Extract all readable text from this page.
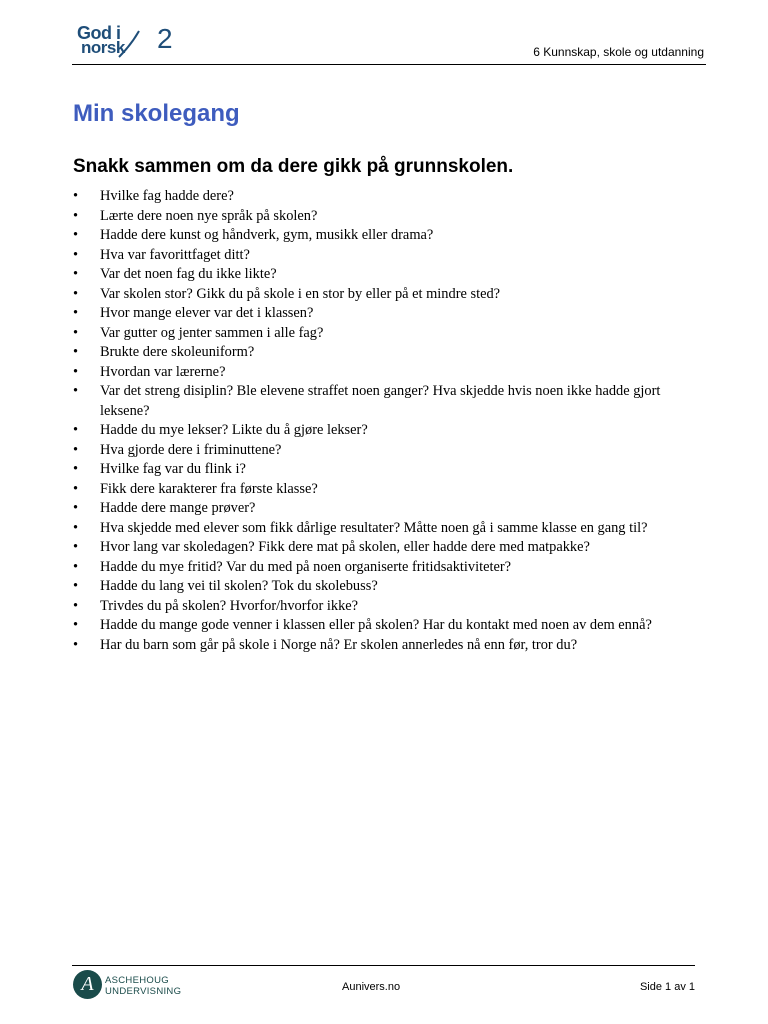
God i
norsk 2	6 Kunnskap, skole og utdanning
Min skolegang
Snakk sammen om da dere gikk på grunnskolen.
• Hvilke fag hadde dere?
• Lærte dere noen nye språk på skolen?
• Hadde dere kunst og håndverk, gym, musikk eller drama?
• Hva var favorittfaget ditt?
• Var det noen fag du ikke likte?
• Var skolen stor? Gikk du på skole i en stor by eller på et mindre sted?
• Hvor mange elever var det i klassen?
• Var gutter og jenter sammen i alle fag?
• Brukte dere skoleuniform?
• Hvordan var lærerne?
• Var det streng disiplin? Ble elevene straffet noen ganger? Hva skjedde hvis noen ikke hadde gjort leksene?
• Hadde du mye lekser? Likte du å gjøre lekser?
• Hva gjorde dere i friminuttene?
• Hvilke fag var du flink i?
• Fikk dere karakterer fra første klasse?
• Hadde dere mange prøver?
• Hva skjedde med elever som fikk dårlige resultater? Måtte noen gå i samme klasse en gang til?
• Hvor lang var skoledagen? Fikk dere mat på skolen, eller hadde dere med matpakke?
• Hadde du mye fritid? Var du med på noen organiserte fritidsaktiviteter?
• Hadde du lang vei til skolen? Tok du skolebuss?
• Trivdes du på skolen? Hvorfor/hvorfor ikke?
• Hadde du mange gode venner i klassen eller på skolen? Har du kontakt med noen av dem ennå?
• Har du barn som går på skole i Norge nå? Er skolen annerledes nå enn før, tror du?
A	ASCHEHOUG
UNDERVISNING	Aunivers.no	Side 1 av 1
